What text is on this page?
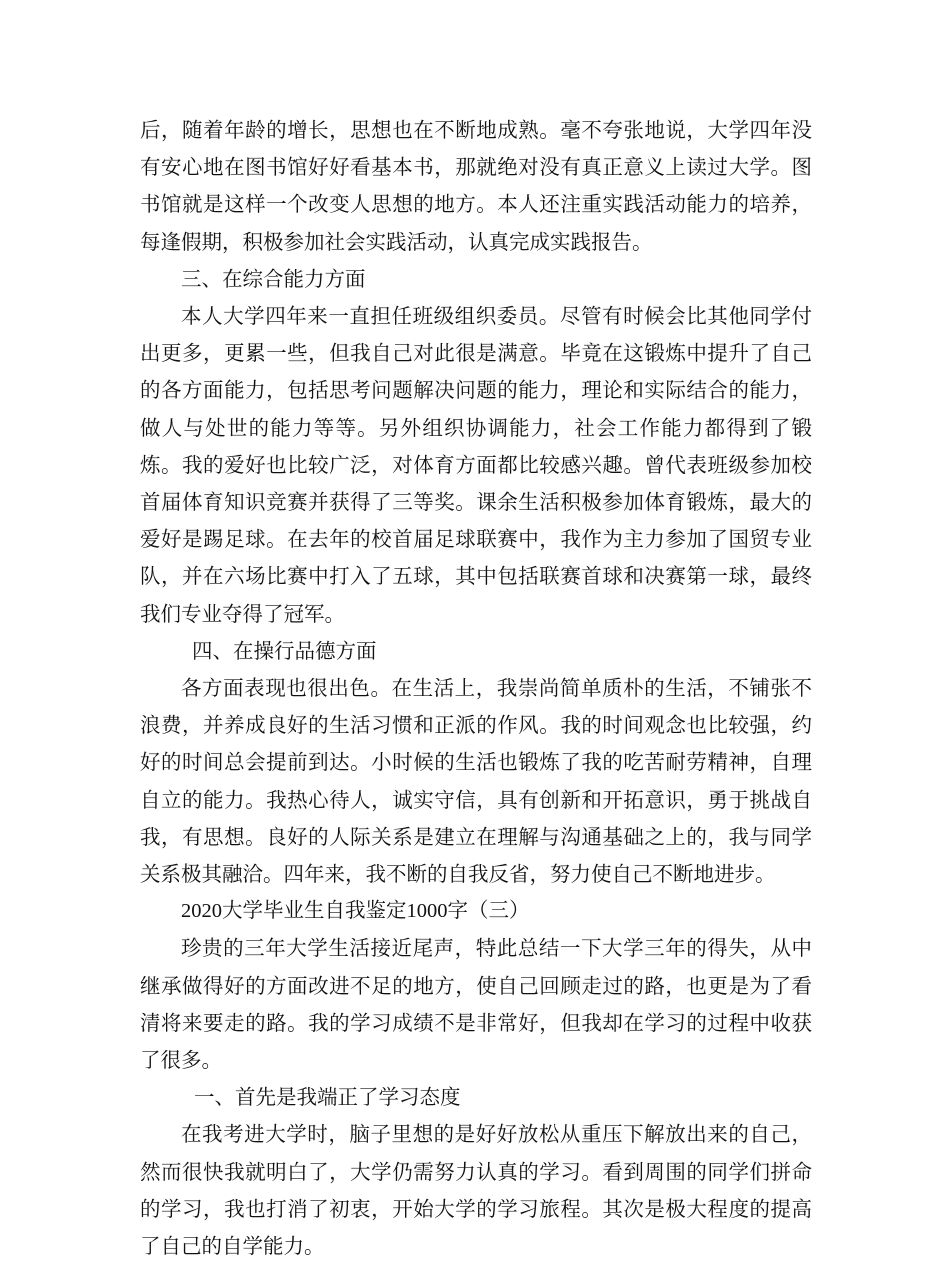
后，随着年龄的增长，思想也在不断地成熟。毫不夸张地说，大学四年没有安心地在图书馆好好看基本书，那就绝对没有真正意义上读过大学。图书馆就是这样一个改变人思想的地方。本人还注重实践活动能力的培养，每逢假期，积极参加社会实践活动，认真完成实践报告。

三、在综合能力方面

本人大学四年来一直担任班级组织委员。尽管有时候会比其他同学付出更多，更累一些，但我自己对此很是满意。毕竟在这锻炼中提升了自己的各方面能力，包括思考问题解决问题的能力，理论和实际结合的能力，做人与处世的能力等等。另外组织协调能力，社会工作能力都得到了锻炼。我的爱好也比较广泛，对体育方面都比较感兴趣。曾代表班级参加校首届体育知识竞赛并获得了三等奖。课余生活积极参加体育锻炼，最大的爱好是踢足球。在去年的校首届足球联赛中，我作为主力参加了国贸专业队，并在六场比赛中打入了五球，其中包括联赛首球和决赛第一球，最终我们专业夺得了冠军。

四、在操行品德方面

各方面表现也很出色。在生活上，我崇尚简单质朴的生活，不铺张不浪费，并养成良好的生活习惯和正派的作风。我的时间观念也比较强，约好的时间总会提前到达。小时候的生活也锻炼了我的吃苦耐劳精神，自理自立的能力。我热心待人，诚实守信，具有创新和开拓意识，勇于挑战自我，有思想。良好的人际关系是建立在理解与沟通基础之上的，我与同学关系极其融洽。四年来，我不断的自我反省，努力使自己不断地进步。

2020大学毕业生自我鉴定1000字（三）

珍贵的三年大学生活接近尾声，特此总结一下大学三年的得失，从中继承做得好的方面改进不足的地方，使自己回顾走过的路，也更是为了看清将来要走的路。我的学习成绩不是非常好，但我却在学习的过程中收获了很多。

一、首先是我端正了学习态度

在我考进大学时，脑子里想的是好好放松从重压下解放出来的自己，然而很快我就明白了，大学仍需努力认真的学习。看到周围的同学们拼命的学习，我也打消了初衷，开始大学的学习旅程。其次是极大程度的提高了自己的自学能力。
